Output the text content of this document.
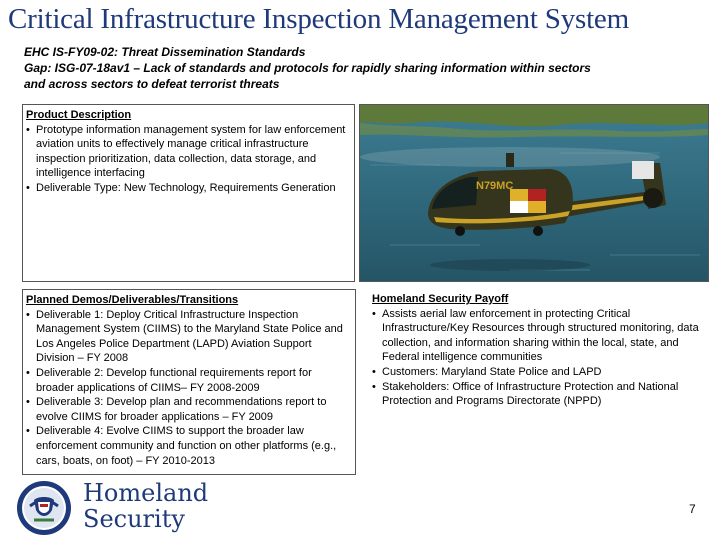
Critical Infrastructure Inspection Management System
EHC IS-FY09-02: Threat Dissemination Standards
Gap: ISG-07-18av1 – Lack of standards and protocols for rapidly sharing information within sectors
and across sectors to defeat terrorist threats
Product Description
• Prototype information management system for law enforcement aviation units to effectively manage critical infrastructure inspection prioritization, data collection, data storage, and intelligence interfacing
• Deliverable Type: New Technology, Requirements Generation	N79MC
Planned Demos/Deliverables/Transitions
• Deliverable 1: Deploy Critical Infrastructure Inspection Management System (CIIMS) to the Maryland State Police and Los Angeles Police Department (LAPD) Aviation Support Division – FY 2008
• Deliverable 2: Develop functional requirements report for broader applications of CIIMS– FY 2008-2009
• Deliverable 3: Develop plan and recommendations report to evolve CIIMS for broader applications – FY 2009
• Deliverable 4: Evolve CIIMS to support the broader law enforcement community and function on other platforms (e.g., cars, boats, on foot) – FY 2010-2013
Homeland Security Payoff
• Assists aerial law enforcement in protecting Critical Infrastructure/Key Resources through structured monitoring, data collection, and information sharing within the local, state, and Federal intelligence communities
• Customers: Maryland State Police and LAPD
• Stakeholders: Office of Infrastructure Protection and National Protection and Programs Directorate (NPPD)
Homeland
Security	7
